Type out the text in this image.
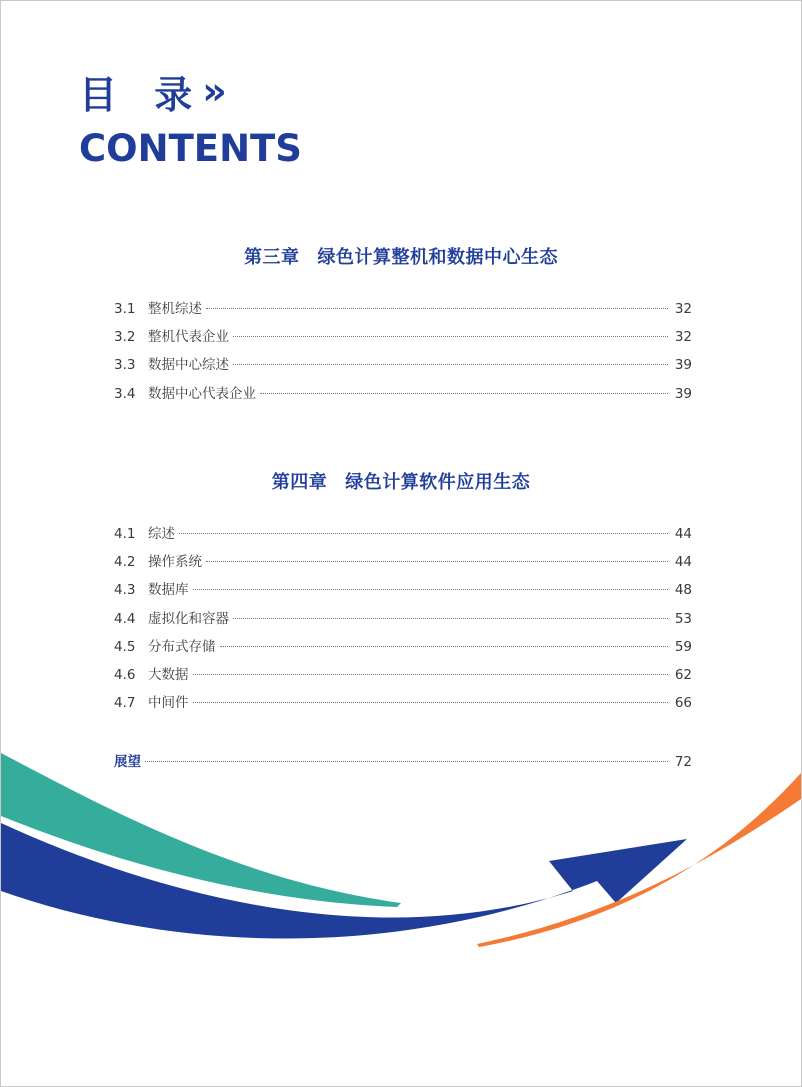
目 录
»
CONTENTS
第三章 绿色计算整机和数据中心生态
3.1 整机综述	32
3.2 整机代表企业	32
3.3 数据中心综述	39
3.4 数据中心代表企业	39
第四章 绿色计算软件应用生态
4.1 综述	44
4.2 操作系统	44
4.3 数据库	48
4.4 虚拟化和容器	53
4.5 分布式存储	59
4.6 大数据	62
4.7 中间件	66
展望	72
